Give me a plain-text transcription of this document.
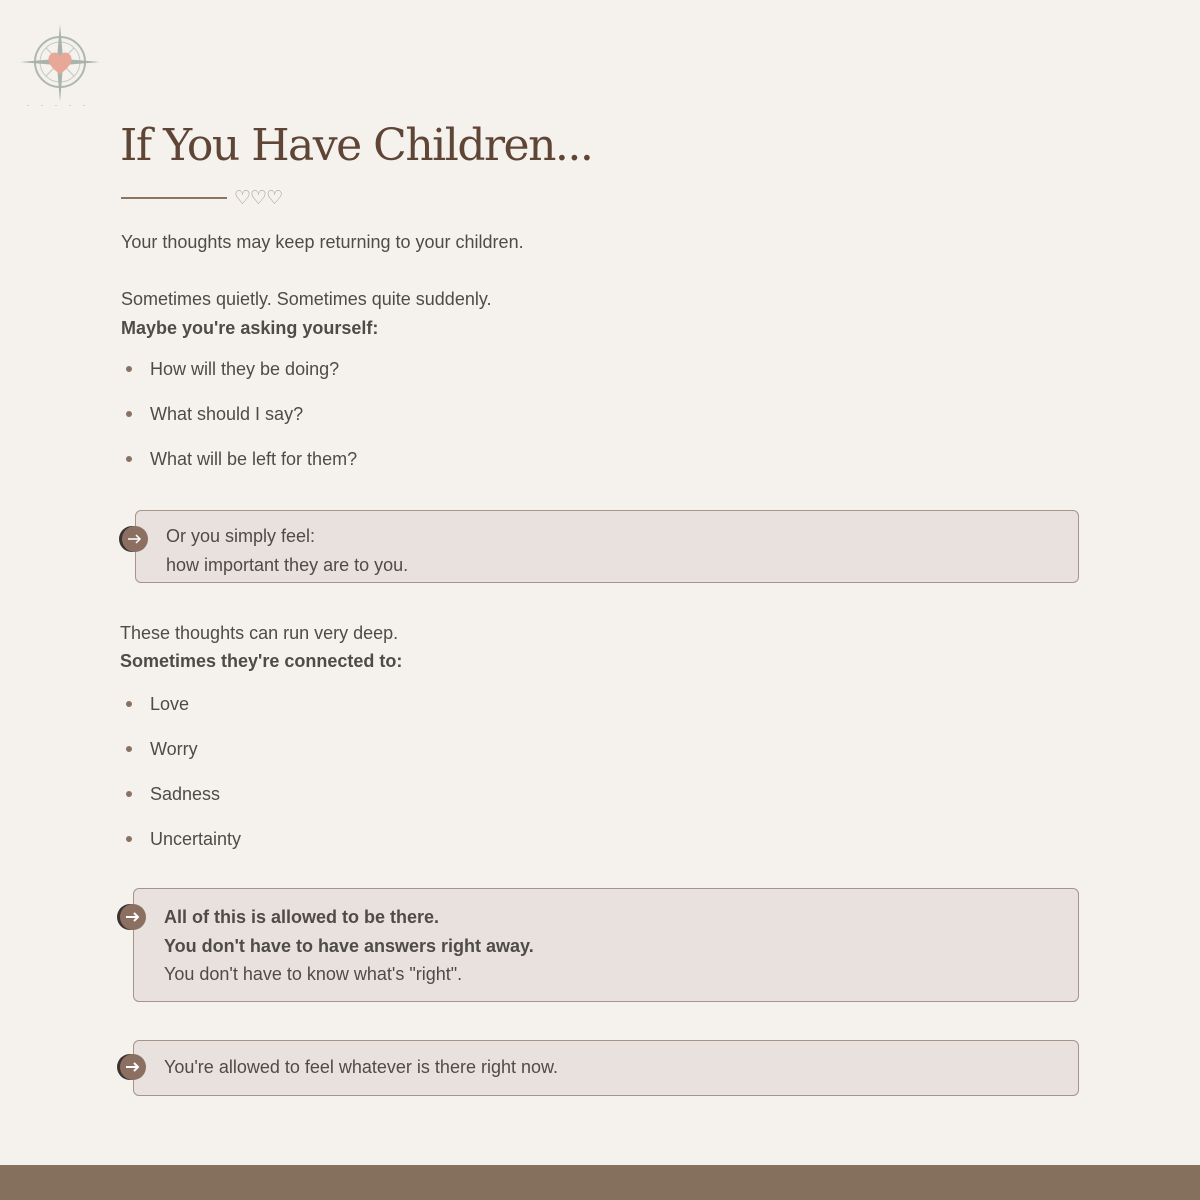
If You Have Children...
♡♡♡
Your thoughts may keep returning to your children.
Sometimes quietly. Sometimes quite suddenly.
Maybe you're asking yourself:
How will they be doing?
What should I say?
What will be left for them?
Or you simply feel:
how important they are to you.
These thoughts can run very deep.
Sometimes they're connected to:
Love
Worry
Sadness
Uncertainty
All of this is allowed to be there.
You don't have to have answers right away.
You don't have to know what's "right".
You're allowed to feel whatever is there right now.
